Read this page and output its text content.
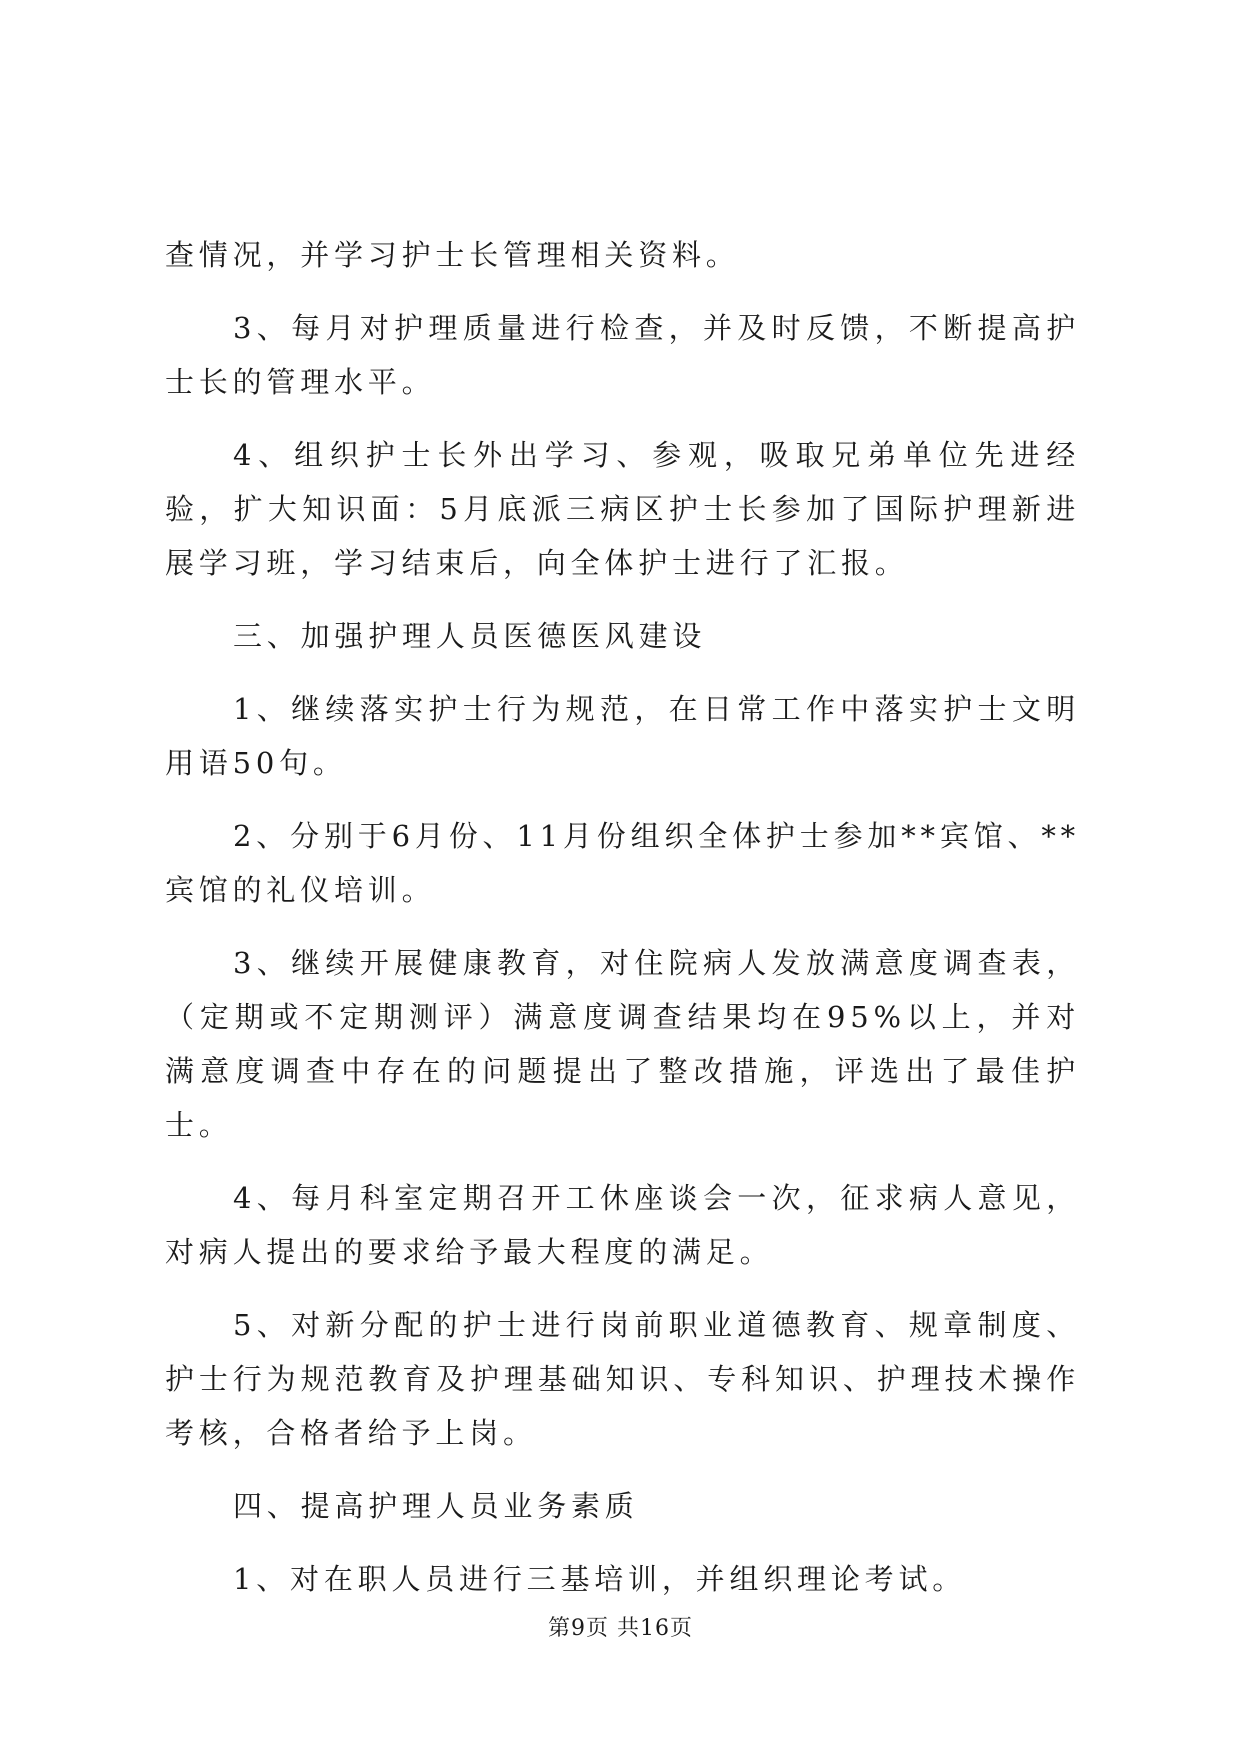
查情况，并学习护士长管理相关资料。

3、每月对护理质量进行检查，并及时反馈，不断提高护士长的管理水平。

4、组织护士长外出学习、参观，吸取兄弟单位先进经验，扩大知识面：5月底派三病区护士长参加了国际护理新进展学习班，学习结束后，向全体护士进行了汇报。

三、加强护理人员医德医风建设

1、继续落实护士行为规范，在日常工作中落实护士文明用语50句。

2、分别于6月份、11月份组织全体护士参加**宾馆、**宾馆的礼仪培训。

3、继续开展健康教育，对住院病人发放满意度调查表，（定期或不定期测评）满意度调查结果均在95%以上，并对满意度调查中存在的问题提出了整改措施，评选出了最佳护士。

4、每月科室定期召开工休座谈会一次，征求病人意见，对病人提出的要求给予最大程度的满足。

5、对新分配的护士进行岗前职业道德教育、规章制度、护士行为规范教育及护理基础知识、专科知识、护理技术操作考核，合格者给予上岗。

四、提高护理人员业务素质

1、对在职人员进行三基培训，并组织理论考试。

第9页 共16页
